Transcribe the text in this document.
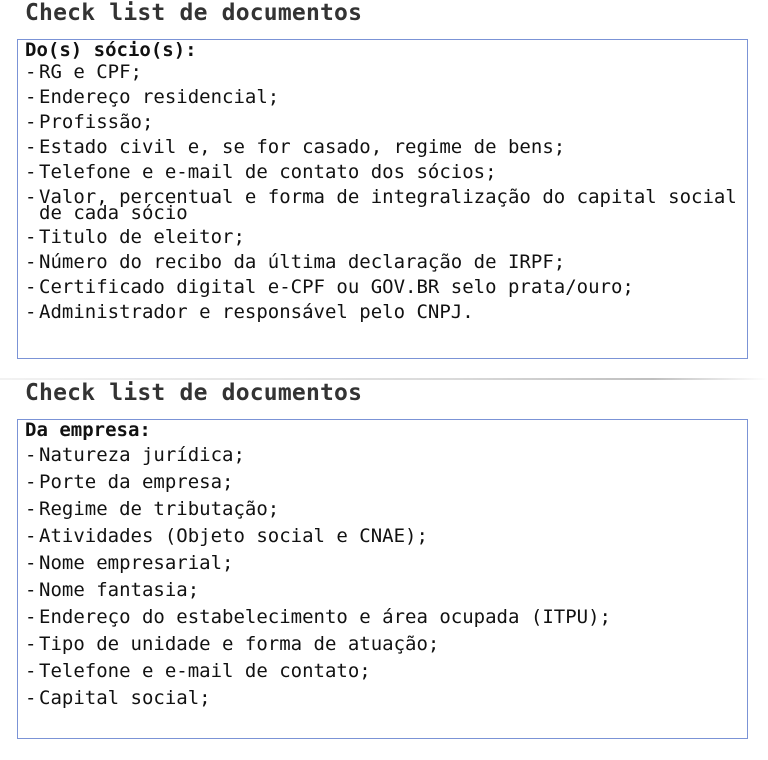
Check list de documentos
Do(s) sócio(s):
- RG e CPF;
- Endereço residencial;
- Profissão;
- Estado civil e, se for casado, regime de bens;
- Telefone e e-mail de contato dos sócios;
- Valor, percentual e forma de integralização do capital social de cada sócio
- Titulo de eleitor;
- Número do recibo da última declaração de IRPF;
- Certificado digital e-CPF ou GOV.BR selo prata/ouro;
- Administrador e responsável pelo CNPJ.
Check list de documentos
Da empresa:
- Natureza jurídica;
- Porte da empresa;
- Regime de tributação;
- Atividades (Objeto social e CNAE);
- Nome empresarial;
- Nome fantasia;
- Endereço do estabelecimento e área ocupada (ITPU);
- Tipo de unidade e forma de atuação;
- Telefone e e-mail de contato;
- Capital social;
